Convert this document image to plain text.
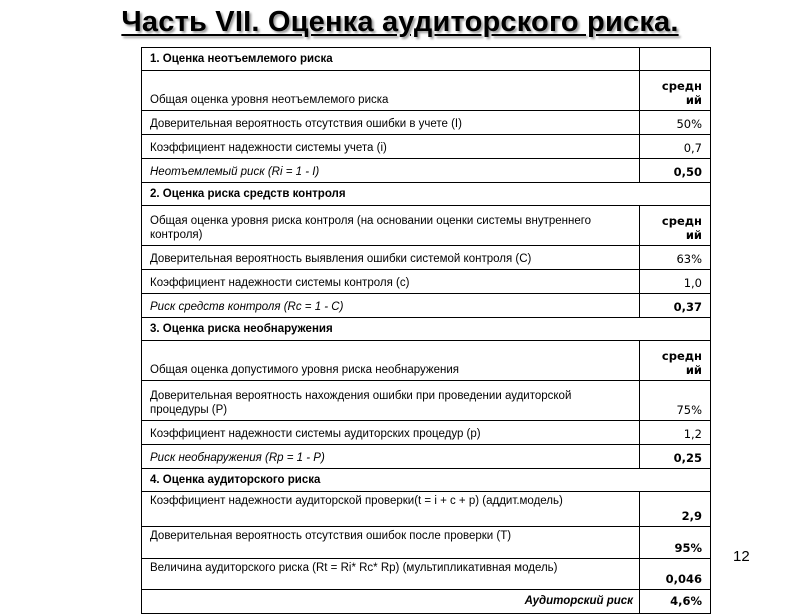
Часть VII. Оценка аудиторского риска.
1. Оценка неотъемлемого риска	
Общая оценка уровня неотъемлемого риска	средн ий
Доверительная вероятность отсутствия ошибки в учете (I)	50%
Коэффициент надежности системы учета (i)	0,7
Неотъемлемый риск (Ri = 1 - I)	0,50
2. Оценка риска средств контроля	
Общая оценка уровня риска контроля (на основании оценки системы внутреннего контроля)	средн ий
Доверительная вероятность выявления ошибки системой контроля (C)	63%
Коэффициент надежности системы контроля (c)	1,0
Риск средств контроля (Rc = 1 - C)	0,37
3. Оценка риска необнаружения	
Общая оценка допустимого уровня риска необнаружения	средн ий
Доверительная вероятность нахождения ошибки при проведении аудиторской процедуры (P)	75%
Коэффициент надежности системы аудиторских процедур (p)	1,2
Риск необнаружения (Rp = 1 - P)	0,25
4. Оценка аудиторского риска	
Коэффициент надежности аудиторской проверки(t = i + c + p) (аддит.модель)	2,9
Доверительная вероятность отсутствия ошибок после проверки (T)	95%
Величина аудиторского риска (Rt = Ri* Rc* Rp) (мультипликативная модель)	0,046
Аудиторский риск	4,6%
12
